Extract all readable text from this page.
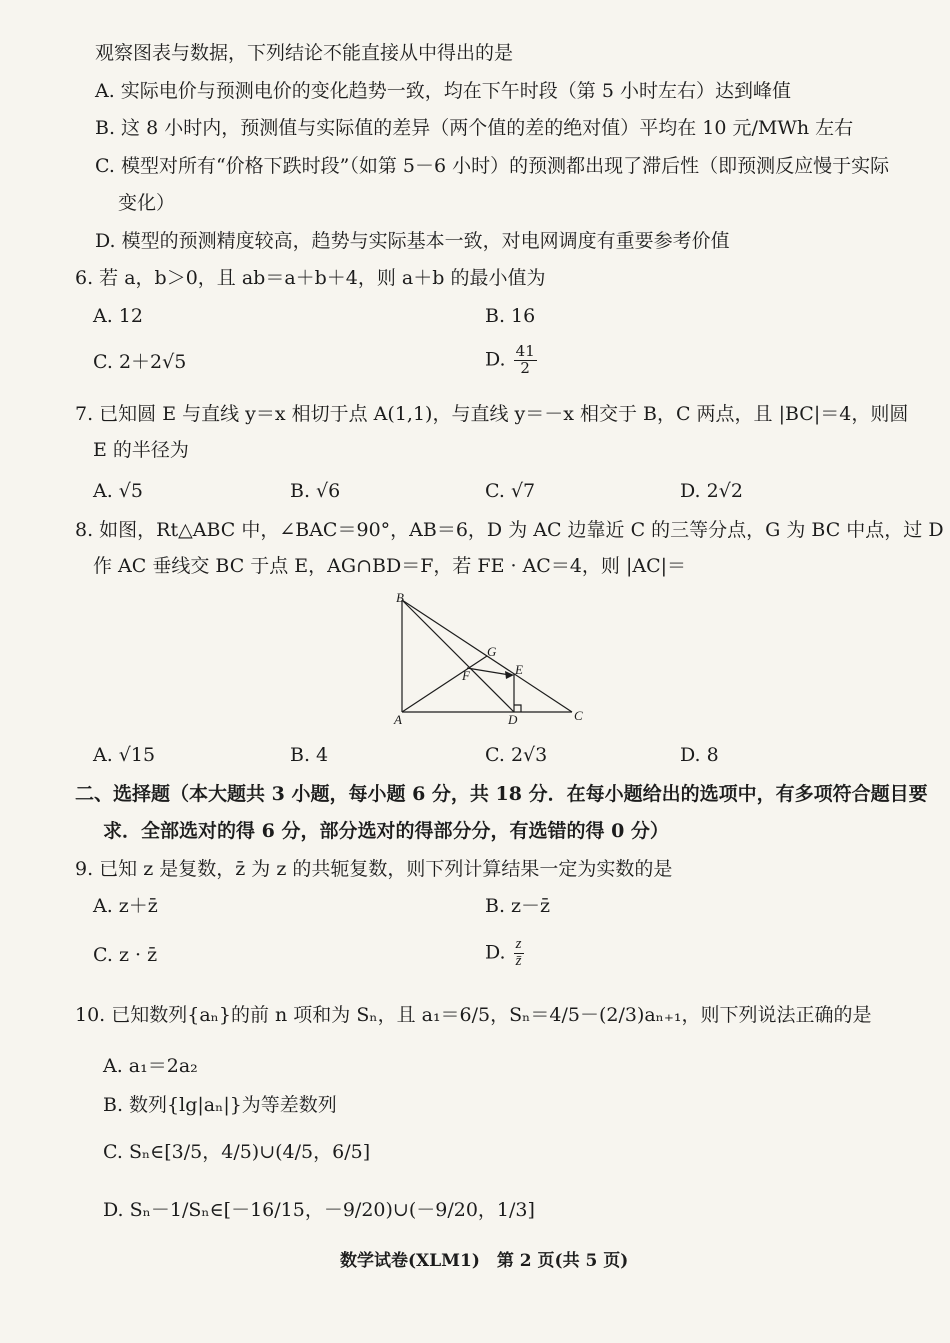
观察图表与数据，下列结论不能直接从中得出的是
A. 实际电价与预测电价的变化趋势一致，均在下午时段（第 5 小时左右）达到峰值
B. 这 8 小时内，预测值与实际值的差异（两个值的差的绝对值）平均在 10 元/MWh 左右
C. 模型对所有“价格下跌时段”（如第 5－6 小时）的预测都出现了滞后性（即预测反应慢于实际
变化）
D. 模型的预测精度较高，趋势与实际基本一致，对电网调度有重要参考价值
6. 若 a，b＞0，且 ab＝a＋b＋4，则 a＋b 的最小值为
A. 12	B. 16
C. 2＋2√5	D. $\frac{41}{2}$
7. 已知圆 E 与直线 y＝x 相切于点 A(1,1)，与直线 y＝－x 相交于 B，C 两点，且 |BC|＝4，则圆
E 的半径为
A. √5	B. √6	C. √7	D. 2√2
8. 如图，Rt△ABC 中，∠BAC＝90°，AB＝6，D 为 AC 边靠近 C 的三等分点，G 为 BC 中点，过 D
作 AC 垂线交 BC 于点 E，AG∩BD＝F，若 FE · AC＝4，则 |AC|＝
B
G
E
F
A	D	C
A. √15	B. 4	C. 2√3	D. 8
二、选择题（本大题共 3 小题，每小题 6 分，共 18 分．在每小题给出的选项中，有多项符合题目要
求．全部选对的得 6 分，部分选对的得部分分，有选错的得 0 分）
9. 已知 z 是复数，z̄ 为 z 的共轭复数，则下列计算结果一定为实数的是
A. z＋z̄	B. z－z̄
C. z · z̄	D. $\frac{z}{z̄}$
10. 已知数列{aₙ}的前 n 项和为 Sₙ，且 a₁＝6/5，Sₙ＝4/5－(2/3)aₙ₊₁，则下列说法正确的是
A. a₁＝2a₂
B. 数列{lg|aₙ|}为等差数列
C. Sₙ∈[3/5，4/5)∪(4/5，6/5]
D. Sₙ－1/Sₙ∈[－16/15，－9/20)∪(－9/20，1/3]
数学试卷(XLM1)　第 2 页(共 5 页)
